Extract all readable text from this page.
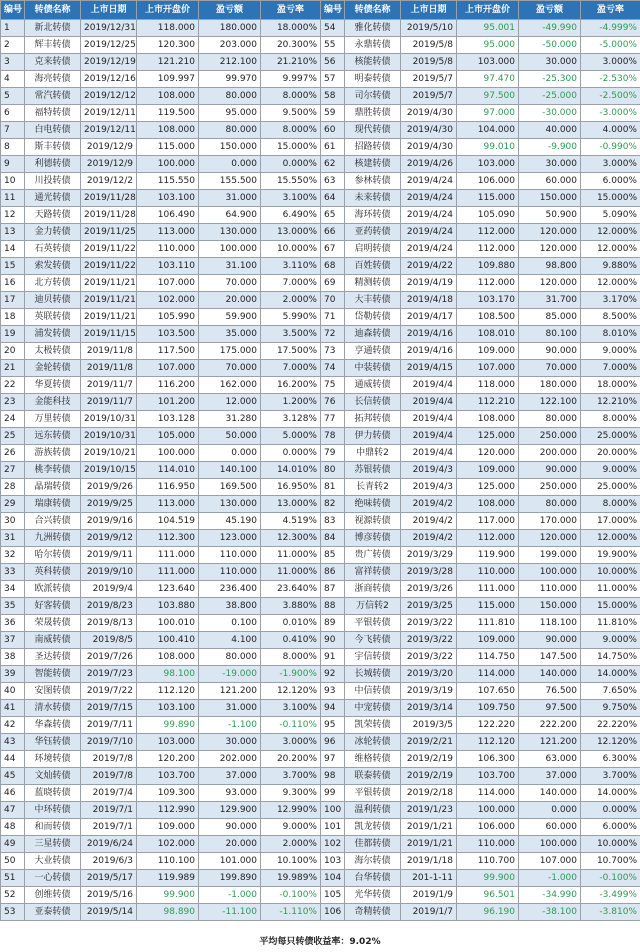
编号	转债名称	上市日期	上市开盘价	盈亏额	盈亏率	编号	转债名称	上市日期	上市开盘价	盈亏额	盈亏率
1	新北转债	2019/12/31	118.000	180.000	18.000%	54	雅化转债	2019/5/10	95.001	-49.990	-4.999%
2	辉丰转债	2019/12/25	120.300	203.000	20.300%	55	永鼎转债	2019/5/8	95.000	-50.000	-5.000%
3	克来转债	2019/12/19	121.210	212.100	21.210%	56	核能转债	2019/5/8	103.000	30.000	3.000%
4	海亮转债	2019/12/16	109.997	99.970	9.997%	57	明泰转债	2019/5/7	97.470	-25.300	-2.530%
5	常汽转债	2019/12/12	108.000	80.000	8.000%	58	司尔转债	2019/5/7	97.500	-25.000	-2.500%
6	福特转债	2019/12/11	119.500	95.000	9.500%	59	鼎胜转债	2019/4/30	97.000	-30.000	-3.000%
7	白电转债	2019/12/11	108.000	80.000	8.000%	60	现代转债	2019/4/30	104.000	40.000	4.000%
8	斯丰转债	2019/12/9	115.000	150.000	15.000%	61	招路转债	2019/4/30	99.010	-9.900	-0.990%
9	利德转债	2019/12/9	100.000	0.000	0.000%	62	核建转债	2019/4/26	103.000	30.000	3.000%
10	川投转债	2019/12/2	115.550	155.500	15.550%	63	参林转债	2019/4/24	106.000	60.000	6.000%
11	通光转债	2019/11/28	103.100	31.000	3.100%	64	未来转债	2019/4/24	115.000	150.000	15.000%
12	天路转债	2019/11/28	106.490	64.900	6.490%	65	海环转债	2019/4/24	105.090	50.900	5.090%
13	金力转债	2019/11/25	113.000	130.000	13.000%	66	亚药转债	2019/4/24	112.000	120.000	12.000%
14	石英转债	2019/11/22	110.000	100.000	10.000%	67	启明转债	2019/4/24	112.000	120.000	12.000%
15	索发转债	2019/11/22	103.110	31.100	3.110%	68	百姓转债	2019/4/22	109.880	98.800	9.880%
16	北方转债	2019/11/21	107.000	70.000	7.000%	69	精测转债	2019/4/19	112.000	120.000	12.000%
17	迪贝转债	2019/11/21	102.000	20.000	2.000%	70	大丰转债	2019/4/18	103.170	31.700	3.170%
18	英联转债	2019/11/21	105.990	59.900	5.990%	71	岱勒转债	2019/4/17	108.500	85.000	8.500%
19	浦发转债	2019/11/15	103.500	35.000	3.500%	72	迪森转债	2019/4/16	108.010	80.100	8.010%
20	太极转债	2019/11/8	117.500	175.000	17.500%	73	亨通转债	2019/4/16	109.000	90.000	9.000%
21	金轮转债	2019/11/8	107.000	70.000	7.000%	74	中装转债	2019/4/15	107.000	70.000	7.000%
22	华夏转债	2019/11/7	116.200	162.000	16.200%	75	通威转债	2019/4/4	118.000	180.000	18.000%
23	金能科技	2019/11/7	101.200	12.000	1.200%	76	长信转债	2019/4/4	112.210	122.100	12.210%
24	万里转债	2019/10/31	103.128	31.280	3.128%	77	拓邦转债	2019/4/4	108.000	80.000	8.000%
25	远东转债	2019/10/31	105.000	50.000	5.000%	78	伊力转债	2019/4/4	125.000	250.000	25.000%
26	游族转债	2019/10/21	100.000	0.000	0.000%	79	中鼎转2	2019/4/4	120.000	200.000	20.000%
27	桃李转债	2019/10/15	114.010	140.100	14.010%	80	苏银转债	2019/4/3	109.000	90.000	9.000%
28	晶瑞转债	2019/9/26	116.950	169.500	16.950%	81	长青转2	2019/4/3	125.000	250.000	25.000%
29	瑞康转债	2019/9/25	113.000	130.000	13.000%	82	绝味转债	2019/4/2	108.000	80.000	8.000%
30	合兴转债	2019/9/16	104.519	45.190	4.519%	83	视源转债	2019/4/2	117.000	170.000	17.000%
31	九洲转债	2019/9/12	112.300	123.000	12.300%	84	博彦转债	2019/4/2	112.000	120.000	12.000%
32	哈尔转债	2019/9/11	111.000	110.000	11.000%	85	贵广转债	2019/3/29	119.900	199.000	19.900%
33	英科转债	2019/9/10	111.000	110.000	11.000%	86	富祥转债	2019/3/28	110.000	100.000	10.000%
34	欧派转债	2019/9/4	123.640	236.400	23.640%	87	浙商转债	2019/3/26	111.000	110.000	11.000%
35	好客转债	2019/8/23	103.880	38.800	3.880%	88	万信转2	2019/3/25	115.000	150.000	15.000%
36	荣晟转债	2019/8/13	100.010	0.100	0.010%	89	平银转债	2019/3/22	111.810	118.100	11.810%
37	南威转债	2019/8/5	100.410	4.100	0.410%	90	今飞转债	2019/3/22	109.000	90.000	9.000%
38	圣达转债	2019/7/26	108.000	80.000	8.000%	91	宇信转债	2019/3/22	114.750	147.500	14.750%
39	智能转债	2019/7/23	98.100	-19.000	-1.900%	92	长城转债	2019/3/20	114.000	140.000	14.000%
40	安图转债	2019/7/22	112.120	121.200	12.120%	93	中信转债	2019/3/19	107.650	76.500	7.650%
41	清水转债	2019/7/15	103.100	31.000	3.100%	94	中宠转债	2019/3/14	109.750	97.500	9.750%
42	华森转债	2019/7/11	99.890	-1.100	-0.110%	95	凯荣转债	2019/3/5	122.220	222.200	22.220%
43	华钰转债	2019/7/10	103.000	30.000	3.000%	96	冰轮转债	2019/2/21	112.120	121.200	12.120%
44	环境转债	2019/7/8	120.200	202.000	20.200%	97	维格转债	2019/2/19	106.300	63.000	6.300%
45	文灿转债	2019/7/8	103.700	37.000	3.700%	98	联泰转债	2019/2/19	103.700	37.000	3.700%
46	蓝晓转债	2019/7/4	109.300	93.000	9.300%	99	平银转债	2019/2/18	114.000	140.000	14.000%
47	中环转债	2019/7/1	112.990	129.900	12.990%	100	温利转债	2019/1/23	100.000	0.000	0.000%
48	和而转债	2019/7/1	109.000	90.000	9.000%	101	凯龙转债	2019/1/21	106.000	60.000	6.000%
49	三星转债	2019/6/24	102.000	20.000	2.000%	102	佳都转债	2019/1/21	110.000	100.000	10.000%
50	大业转债	2019/6/3	110.100	101.000	10.100%	103	海尔转债	2019/1/18	110.700	107.000	10.700%
51	一心转债	2019/5/17	119.989	199.890	19.989%	104	台华转债	201-1-11	99.900	-1.000	-0.100%
52	创维转债	2019/5/16	99.900	-1.000	-0.100%	105	光华转债	2019/1/9	96.501	-34.990	-3.499%
53	亚泰转债	2019/5/14	98.890	-11.100	-1.110%	106	奇精转债	2019/1/7	96.190	-38.100	-3.810%
平均每只转债收益率：9.02%
